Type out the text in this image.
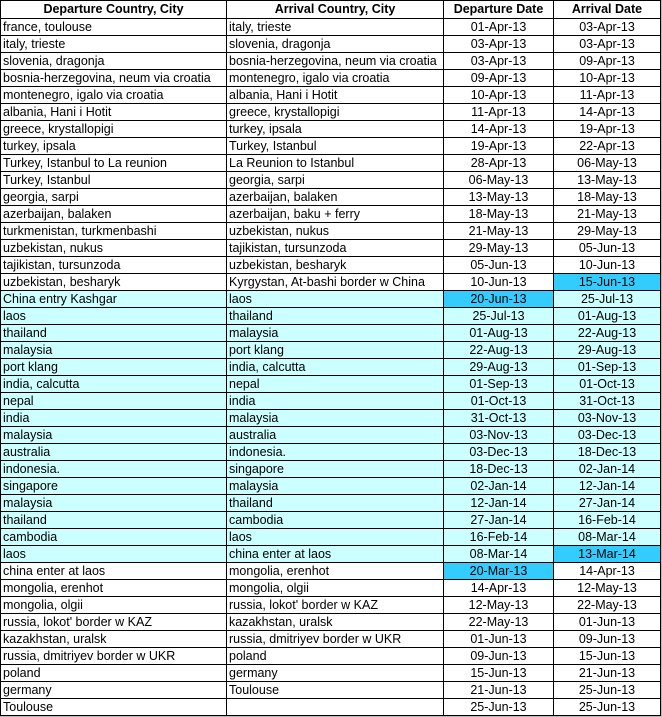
Departure Country, City	Arrival Country, City	Departure Date	Arrival Date
france, toulouse	italy, trieste	01-Apr-13	03-Apr-13
italy, trieste	slovenia, dragonja	03-Apr-13	03-Apr-13
slovenia, dragonja	bosnia-herzegovina, neum via croatia	03-Apr-13	09-Apr-13
bosnia-herzegovina, neum via croatia	montenegro, igalo via croatia	09-Apr-13	10-Apr-13
montenegro, igalo via croatia	albania, Hani i Hotit	10-Apr-13	11-Apr-13
albania, Hani i Hotit	greece, krystallopigi	11-Apr-13	14-Apr-13
greece, krystallopigi	turkey, ipsala	14-Apr-13	19-Apr-13
turkey, ipsala	Turkey, Istanbul	19-Apr-13	22-Apr-13
Turkey, Istanbul to La reunion	La Reunion to Istanbul	28-Apr-13	06-May-13
Turkey, Istanbul	georgia, sarpi	06-May-13	13-May-13
georgia, sarpi	azerbaijan, balaken	13-May-13	18-May-13
azerbaijan, balaken	azerbaijan, baku + ferry	18-May-13	21-May-13
turkmenistan, turkmenbashi	uzbekistan, nukus	21-May-13	29-May-13
uzbekistan, nukus	tajikistan, tursunzoda	29-May-13	05-Jun-13
tajikistan, tursunzoda	uzbekistan, besharyk	05-Jun-13	10-Jun-13
uzbekistan, besharyk	Kyrgystan, At-bashi border w China	10-Jun-13	15-Jun-13
China entry Kashgar	laos	20-Jun-13	25-Jul-13
laos	thailand	25-Jul-13	01-Aug-13
thailand	malaysia	01-Aug-13	22-Aug-13
malaysia	port klang	22-Aug-13	29-Aug-13
port klang	india, calcutta	29-Aug-13	01-Sep-13
india, calcutta	nepal	01-Sep-13	01-Oct-13
nepal	india	01-Oct-13	31-Oct-13
india	malaysia	31-Oct-13	03-Nov-13
malaysia	australia	03-Nov-13	03-Dec-13
australia	indonesia.	03-Dec-13	18-Dec-13
indonesia.	singapore	18-Dec-13	02-Jan-14
singapore	malaysia	02-Jan-14	12-Jan-14
malaysia	thailand	12-Jan-14	27-Jan-14
thailand	cambodia	27-Jan-14	16-Feb-14
cambodia	laos	16-Feb-14	08-Mar-14
laos	china enter at laos	08-Mar-14	13-Mar-14
china enter at laos	mongolia, erenhot	20-Mar-13	14-Apr-13
mongolia, erenhot	mongolia, olgii	14-Apr-13	12-May-13
mongolia, olgii	russia, lokot' border w KAZ	12-May-13	22-May-13
russia, lokot' border w KAZ	kazakhstan, uralsk	22-May-13	01-Jun-13
kazakhstan, uralsk	russia, dmitriyev border w UKR	01-Jun-13	09-Jun-13
russia, dmitriyev border w UKR	poland	09-Jun-13	15-Jun-13
poland	germany	15-Jun-13	21-Jun-13
germany	Toulouse	21-Jun-13	25-Jun-13
Toulouse		25-Jun-13	25-Jun-13
